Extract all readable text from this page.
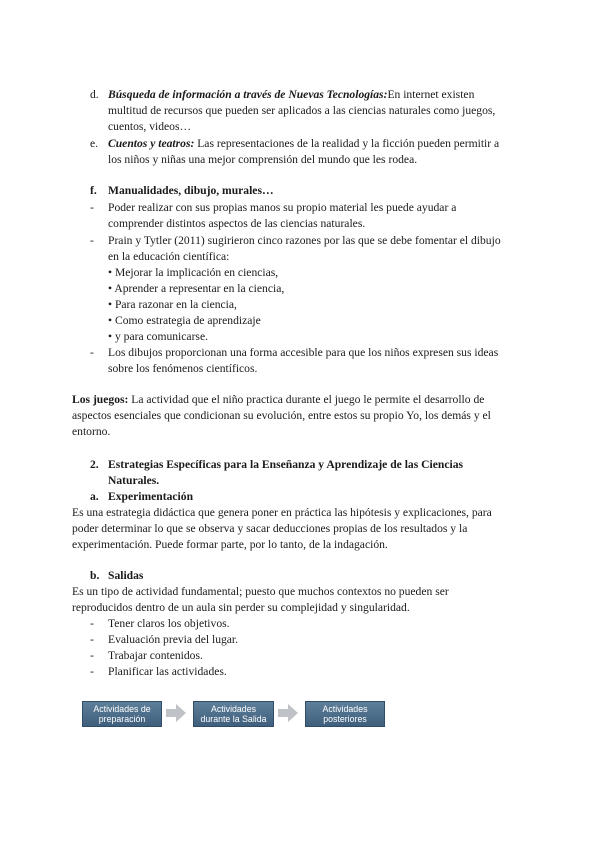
d. Búsqueda de información a través de Nuevas Tecnologías:En internet existen
multitud de recursos que pueden ser aplicados a las ciencias naturales como juegos,
cuentos, videos…
e. Cuentos y teatros: Las representaciones de la realidad y la ficción pueden permitir a
los niños y niñas una mejor comprensión del mundo que les rodea.
f. Manualidades, dibujo, murales…
- Poder realizar con sus propias manos su propio material les puede ayudar a
comprender distintos aspectos de las ciencias naturales.
- Prain y Tytler (2011) sugirieron cinco razones por las que se debe fomentar el dibujo
en la educación científica:
• Mejorar la implicación en ciencias,
• Aprender a representar en la ciencia,
• Para razonar en la ciencia,
• Como estrategia de aprendizaje
• y para comunicarse.
- Los dibujos proporcionan una forma accesible para que los niños expresen sus ideas
sobre los fenómenos científicos.
Los juegos: La actividad que el niño practica durante el juego le permite el desarrollo de
aspectos esenciales que condicionan su evolución, entre estos su propio Yo, los demás y el
entorno.
2. Estrategias Específicas para la Enseñanza y Aprendizaje de las Ciencias
Naturales.
a. Experimentación
Es una estrategia didáctica que genera poner en práctica las hipótesis y explicaciones, para
poder determinar lo que se observa y sacar deducciones propias de los resultados y la
experimentación. Puede formar parte, por lo tanto, de la indagación.
b. Salidas
Es un tipo de actividad fundamental; puesto que muchos contextos no pueden ser
reproducidos dentro de un aula sin perder su complejidad y singularidad.
- Tener claros los objetivos.
- Evaluación previa del lugar.
- Trabajar contenidos.
- Planificar las actividades.
Actividades de
preparación
Actividades
durante la Salida
Actividades
posteriores
